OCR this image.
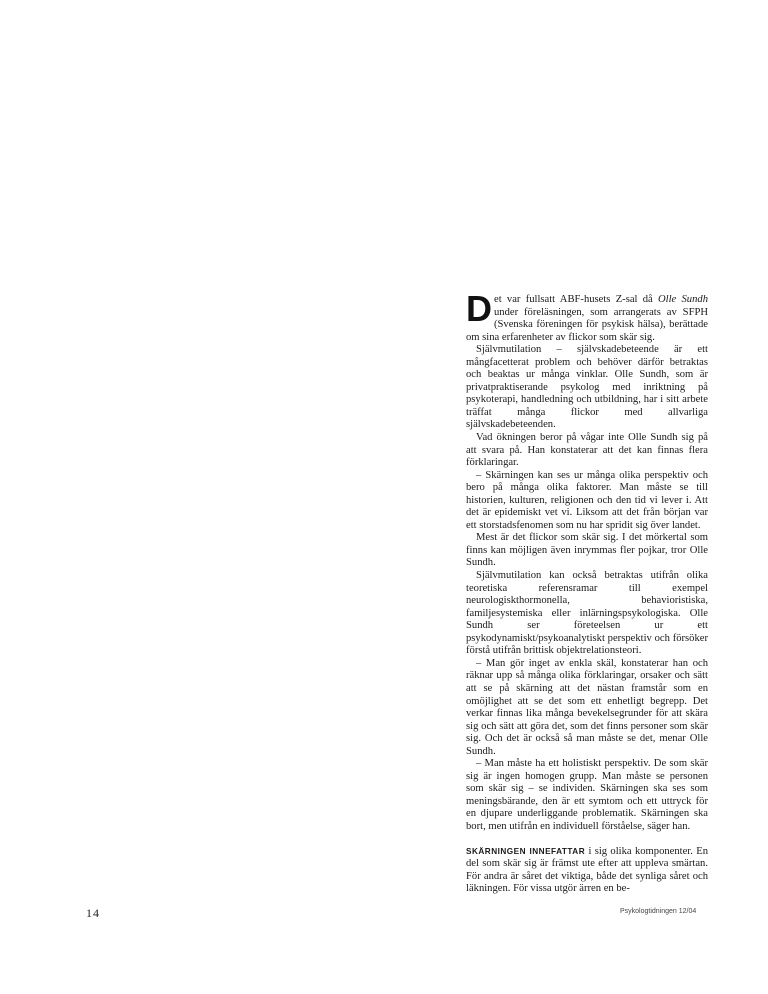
Det var fullsatt ABF-husets Z-sal då Olle Sundh under föreläsningen, som arrangerats av SFPH (Svenska föreningen för psykisk hälsa), berättade om sina erfarenheter av flickor som skär sig.

Självmutilation – självskadebeteende är ett mångfacetterat problem och behöver därför betraktas och beaktas ur många vinklar. Olle Sundh, som är privatpraktiserande psykolog med inriktning på psykoterapi, handledning och utbildning, har i sitt arbete träffat många flickor med allvarliga självskadebeteenden.

Vad ökningen beror på vågar inte Olle Sundh sig på att svara på. Han konstaterar att det kan finnas flera förklaringar.

– Skärningen kan ses ur många olika perspektiv och bero på många olika faktorer. Man måste se till historien, kulturen, religionen och den tid vi lever i. Att det är epidemiskt vet vi. Liksom att det från början var ett storstadsfenomen som nu har spridit sig över landet.

Mest är det flickor som skär sig. I det mörkertal som finns kan möjligen även inrymmas fler pojkar, tror Olle Sundh.

Självmutilation kan också betraktas utifrån olika teoretiska referensramar till exempel neurologiskthormonella, behavioristiska, familjesystemiska eller inlärningspsykologiska. Olle Sundh ser företeelsen ur ett psykodynamiskt/psykoanalytiskt perspektiv och försöker förstå utifrån brittisk objektrelationsteori.

– Man gör inget av enkla skäl, konstaterar han och räknar upp så många olika förklaringar, orsaker och sätt att se på skärning att det nästan framstår som en omöjlighet att se det som ett enhetligt begrepp. Det verkar finnas lika många bevekelsegrunder för att skära sig och sätt att göra det, som det finns personer som skär sig. Och det är också så man måste se det, menar Olle Sundh.

– Man måste ha ett holistiskt perspektiv. De som skär sig är ingen homogen grupp. Man måste se personen som skär sig – se individen. Skärningen ska ses som meningsbärande, den är ett symtom och ett uttryck för en djupare underliggande problematik. Skärningen ska bort, men utifrån en individuell förståelse, säger han.

SKÄRNINGEN INNEFATTAR i sig olika komponenter. En del som skär sig är främst ute efter att uppleva smärtan. För andra är såret det viktiga, både det synliga såret och läkningen. För vissa utgör ärren en be-

14	Psykologtidningen 12/04
